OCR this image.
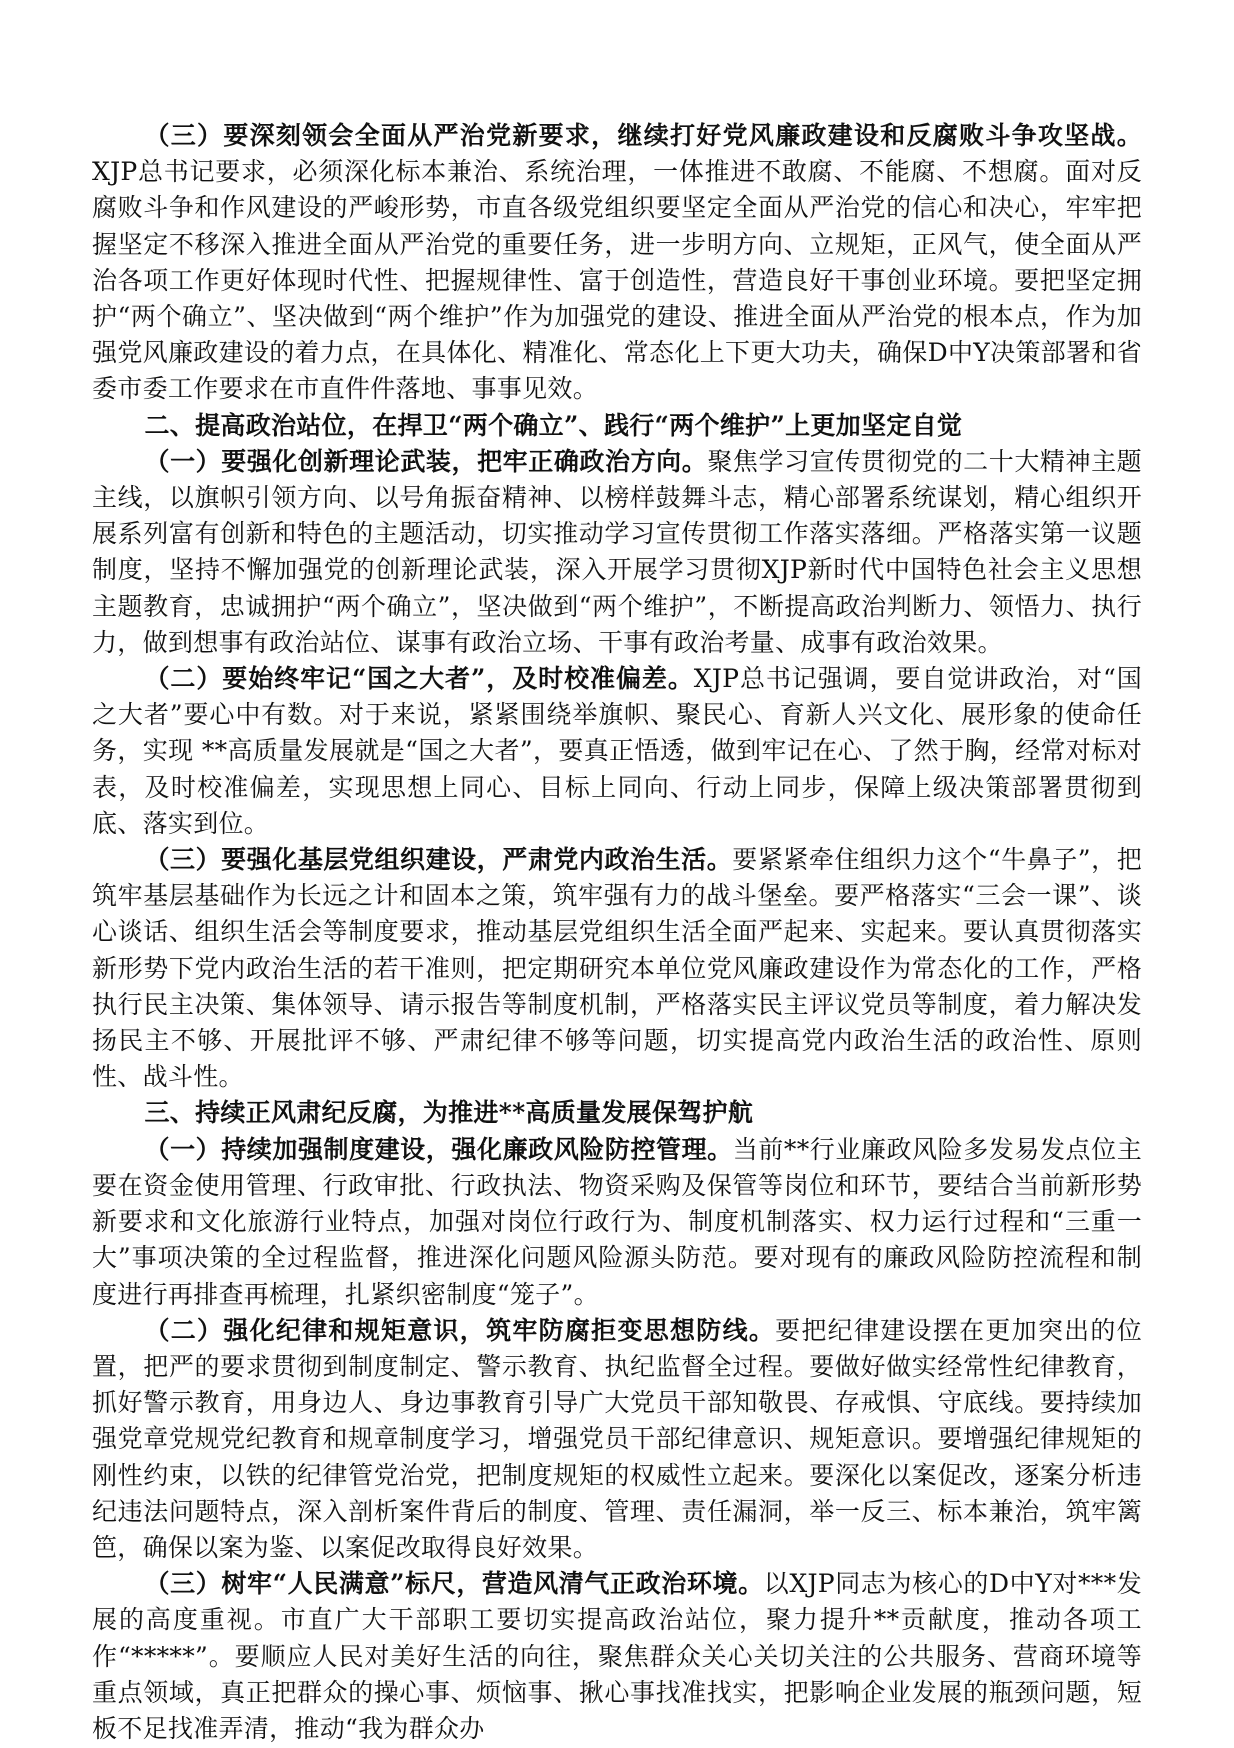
（三）要深刻领会全面从严治党新要求，继续打好党风廉政建设和反腐败斗争攻坚战。XJP总书记要求，必须深化标本兼治、系统治理，一体推进不敢腐、不能腐、不想腐。面对反腐败斗争和作风建设的严峻形势，市直各级党组织要坚定全面从严治党的信心和决心，牢牢把握坚定不移深入推进全面从严治党的重要任务，进一步明方向、立规矩，正风气，使全面从严治各项工作更好体现时代性、把握规律性、富于创造性，营造良好干事创业环境。要把坚定拥护“两个确立”、坚决做到“两个维护”作为加强党的建设、推进全面从严治党的根本点，作为加强党风廉政建设的着力点，在具体化、精准化、常态化上下更大功夫，确保D中Y决策部署和省委市委工作要求在市直件件落地、事事见效。

二、提高政治站位，在捍卫“两个确立”、践行“两个维护”上更加坚定自觉

（一）要强化创新理论武装，把牢正确政治方向。聚焦学习宣传贯彻党的二十大精神主题主线，以旗帜引领方向、以号角振奋精神、以榜样鼓舞斗志，精心部署系统谋划，精心组织开展系列富有创新和特色的主题活动，切实推动学习宣传贯彻工作落实落细。严格落实第一议题制度，坚持不懈加强党的创新理论武装，深入开展学习贯彻XJP新时代中国特色社会主义思想主题教育，忠诚拥护“两个确立”，坚决做到“两个维护”，不断提高政治判断力、领悟力、执行力，做到想事有政治站位、谋事有政治立场、干事有政治考量、成事有政治效果。

（二）要始终牢记“国之大者”，及时校准偏差。XJP总书记强调，要自觉讲政治，对“国之大者”要心中有数。对于来说，紧紧围绕举旗帜、聚民心、育新人兴文化、展形象的使命任务，实现 **高质量发展就是“国之大者”，要真正悟透，做到牢记在心、了然于胸，经常对标对表，及时校准偏差，实现思想上同心、目标上同向、行动上同步，保障上级决策部署贯彻到底、落实到位。

（三）要强化基层党组织建设，严肃党内政治生活。要紧紧牵住组织力这个“牛鼻子”，把筑牢基层基础作为长远之计和固本之策，筑牢强有力的战斗堡垒。要严格落实“三会一课”、谈心谈话、组织生活会等制度要求，推动基层党组织生活全面严起来、实起来。要认真贯彻落实新形势下党内政治生活的若干准则，把定期研究本单位党风廉政建设作为常态化的工作，严格执行民主决策、集体领导、请示报告等制度机制，严格落实民主评议党员等制度，着力解决发扬民主不够、开展批评不够、严肃纪律不够等问题，切实提高党内政治生活的政治性、原则性、战斗性。

三、持续正风肃纪反腐，为推进**高质量发展保驾护航

（一）持续加强制度建设，强化廉政风险防控管理。当前**行业廉政风险多发易发点位主要在资金使用管理、行政审批、行政执法、物资采购及保管等岗位和环节，要结合当前新形势新要求和文化旅游行业特点，加强对岗位行政行为、制度机制落实、权力运行过程和“三重一大”事项决策的全过程监督，推进深化问题风险源头防范。要对现有的廉政风险防控流程和制度进行再排查再梳理，扎紧织密制度“笼子”。

（二）强化纪律和规矩意识，筑牢防腐拒变思想防线。要把纪律建设摆在更加突出的位置，把严的要求贯彻到制度制定、警示教育、执纪监督全过程。要做好做实经常性纪律教育，抓好警示教育，用身边人、身边事教育引导广大党员干部知敬畏、存戒惧、守底线。要持续加强党章党规党纪教育和规章制度学习，增强党员干部纪律意识、规矩意识。要增强纪律规矩的刚性约束，以铁的纪律管党治党，把制度规矩的权威性立起来。要深化以案促改，逐案分析违纪违法问题特点，深入剖析案件背后的制度、管理、责任漏洞，举一反三、标本兼治，筑牢篱笆，确保以案为鉴、以案促改取得良好效果。

（三）树牢“人民满意”标尺，营造风清气正政治环境。以XJP同志为核心的D中Y对***发展的高度重视。市直广大干部职工要切实提高政治站位，聚力提升**贡献度，推动各项工作“*****”。要顺应人民对美好生活的向往，聚焦群众关心关切关注的公共服务、营商环境等重点领域，真正把群众的操心事、烦恼事、揪心事找准找实，把影响企业发展的瓶颈问题，短板不足找准弄清，推动“我为群众办
